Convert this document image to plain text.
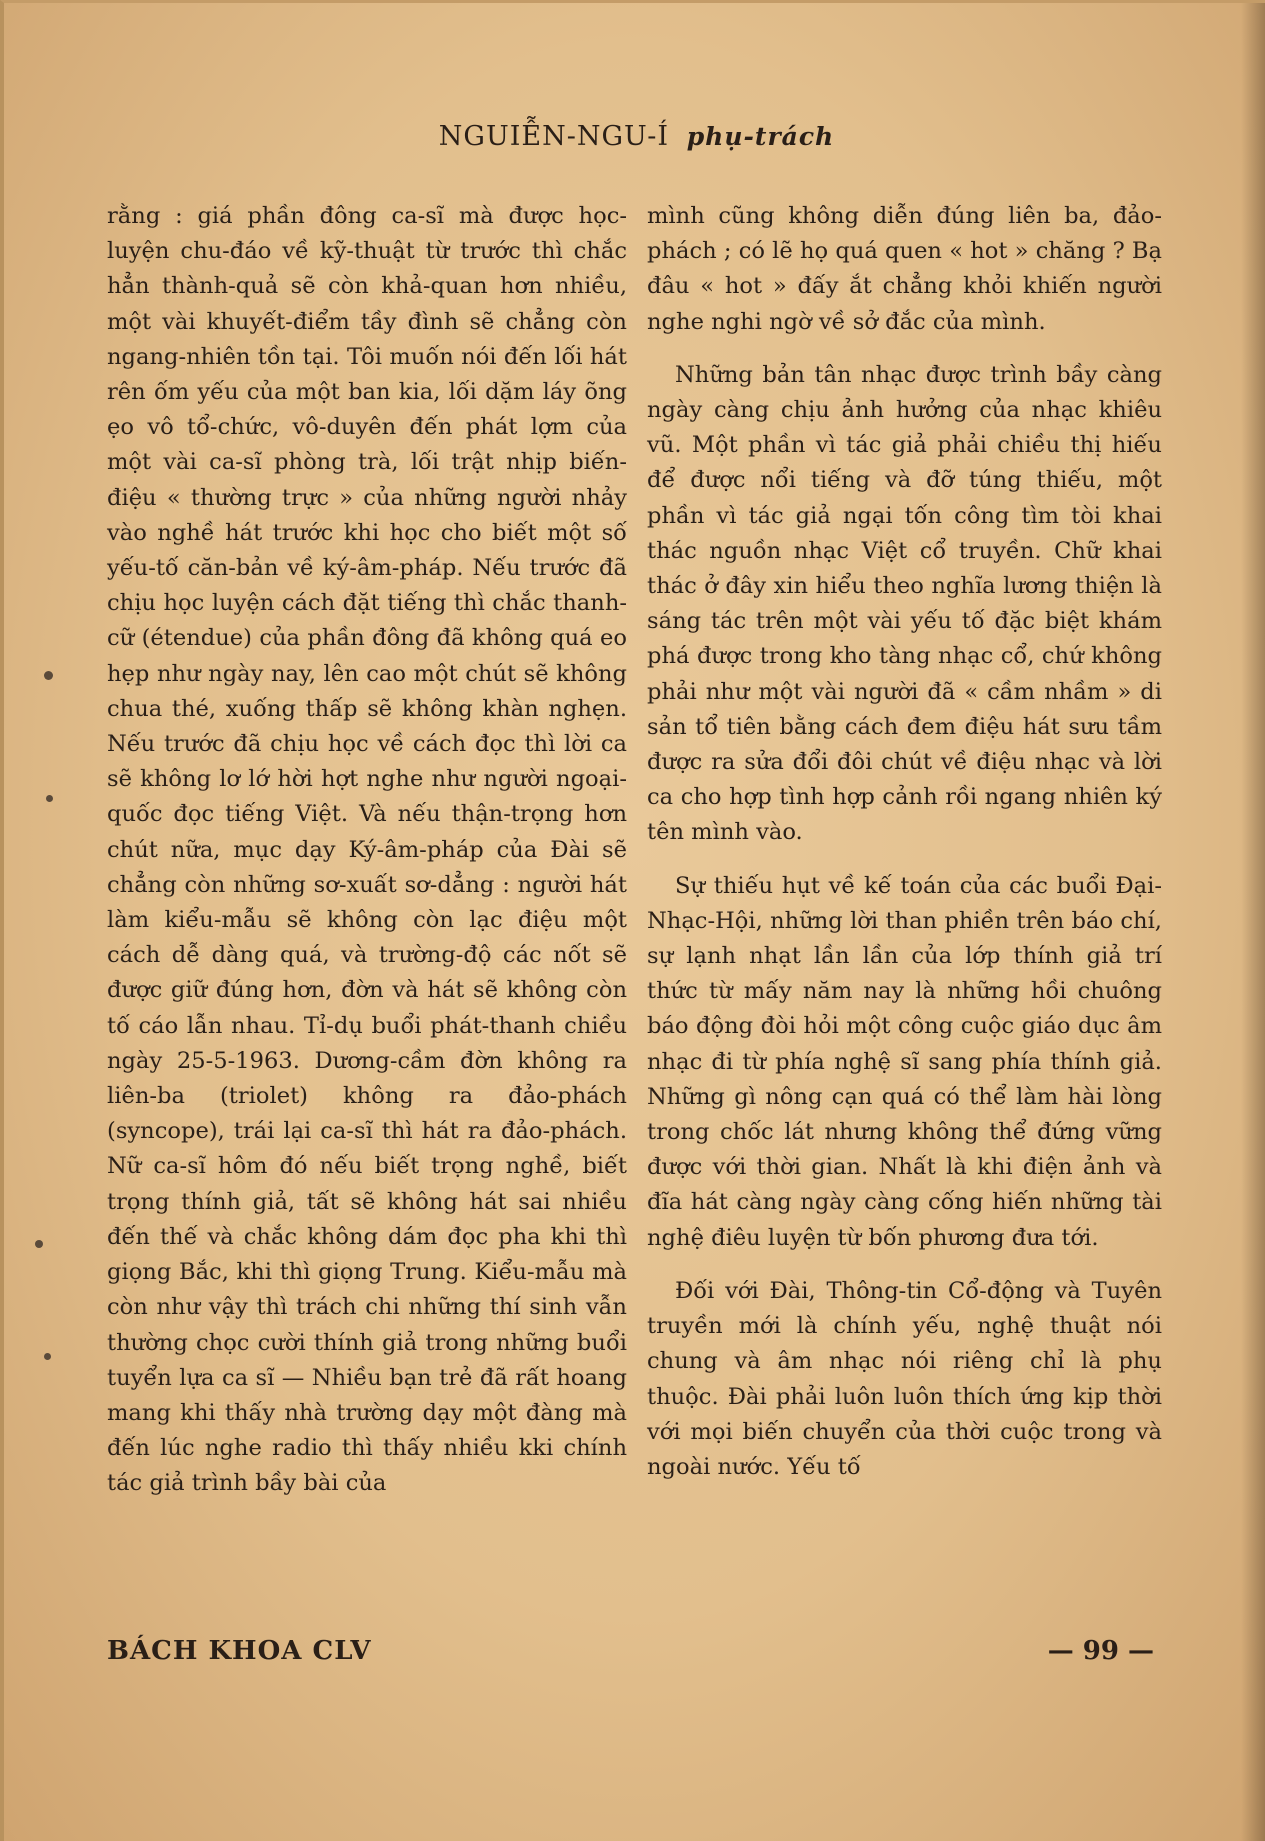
NGUIỄN-NGU-Í phụ-trách

rằng : giá phần đông ca-sĩ mà được học-luyện chu-đáo về kỹ-thuật từ trước thì chắc hẳn thành-quả sẽ còn khả-quan hơn nhiều, một vài khuyết-điểm tầy đình sẽ chẳng còn ngang-nhiên tồn tại. Tôi muốn nói đến lối hát rên ốm yếu của một ban kia, lối dặm láy õng ẹo vô tổ-chức, vô-duyên đến phát lợm của một vài ca-sĩ phòng trà, lối trật nhịp biến-điệu « thường trực » của những người nhảy vào nghề hát trước khi học cho biết một số yếu-tố căn-bản về ký-âm-pháp. Nếu trước đã chịu học luyện cách đặt tiếng thì chắc thanh-cữ (étendue) của phần đông đã không quá eo hẹp như ngày nay, lên cao một chút sẽ không chua thé, xuống thấp sẽ không khàn nghẹn. Nếu trước đã chịu học về cách đọc thì lời ca sẽ không lơ lớ hời hợt nghe như người ngoại-quốc đọc tiếng Việt. Và nếu thận-trọng hơn chút nữa, mục dạy Ký-âm-pháp của Đài sẽ chẳng còn những sơ-xuất sơ-dẳng : người hát làm kiểu-mẫu sẽ không còn lạc điệu một cách dễ dàng quá, và trường-độ các nốt sẽ được giữ đúng hơn, đờn và hát sẽ không còn tố cáo lẫn nhau. Tỉ-dụ buổi phát-thanh chiều ngày 25-5-1963. Dương-cầm đờn không ra liên-ba (triolet) không ra đảo-phách (syncope), trái lại ca-sĩ thì hát ra đảo-phách. Nữ ca-sĩ hôm đó nếu biết trọng nghề, biết trọng thính giả, tất sẽ không hát sai nhiều đến thế và chắc không dám đọc pha khi thì giọng Bắc, khi thì giọng Trung. Kiểu-mẫu mà còn như vậy thì trách chi những thí sinh vẫn thường chọc cười thính giả trong những buổi tuyển lựa ca sĩ — Nhiều bạn trẻ đã rất hoang mang khi thấy nhà trường dạy một đàng mà đến lúc nghe radio thì thấy nhiều kki chính tác giả trình bầy bài của

mình cũng không diễn đúng liên ba, đảo-phách ; có lẽ họ quá quen « hot » chăng ? Bạ đâu « hot » đấy ắt chẳng khỏi khiến người nghe nghi ngờ về sở đắc của mình.

Những bản tân nhạc được trình bầy càng ngày càng chịu ảnh hưởng của nhạc khiêu vũ. Một phần vì tác giả phải chiều thị hiếu để được nổi tiếng và đỡ túng thiếu, một phần vì tác giả ngại tốn công tìm tòi khai thác nguồn nhạc Việt cổ truyền. Chữ khai thác ở đây xin hiểu theo nghĩa lương thiện là sáng tác trên một vài yếu tố đặc biệt khám phá được trong kho tàng nhạc cổ, chứ không phải như một vài người đã « cầm nhầm » di sản tổ tiên bằng cách đem điệu hát sưu tầm được ra sửa đổi đôi chút về điệu nhạc và lời ca cho hợp tình hợp cảnh rồi ngang nhiên ký tên mình vào.

Sự thiếu hụt về kế toán của các buổi Đại-Nhạc-Hội, những lời than phiền trên báo chí, sự lạnh nhạt lần lần của lớp thính giả trí thức từ mấy năm nay là những hồi chuông báo động đòi hỏi một công cuộc giáo dục âm nhạc đi từ phía nghệ sĩ sang phía thính giả. Những gì nông cạn quá có thể làm hài lòng trong chốc lát nhưng không thể đứng vững được với thời gian. Nhất là khi điện ảnh và đĩa hát càng ngày càng cống hiến những tài nghệ điêu luyện từ bốn phương đưa tới.

Đối với Đài, Thông-tin Cổ-động và Tuyên truyền mới là chính yếu, nghệ thuật nói chung và âm nhạc nói riêng chỉ là phụ thuộc. Đài phải luôn luôn thích ứng kịp thời với mọi biến chuyển của thời cuộc trong và ngoài nước. Yếu tố

BÁCH KHOA CLV	— 99 —
